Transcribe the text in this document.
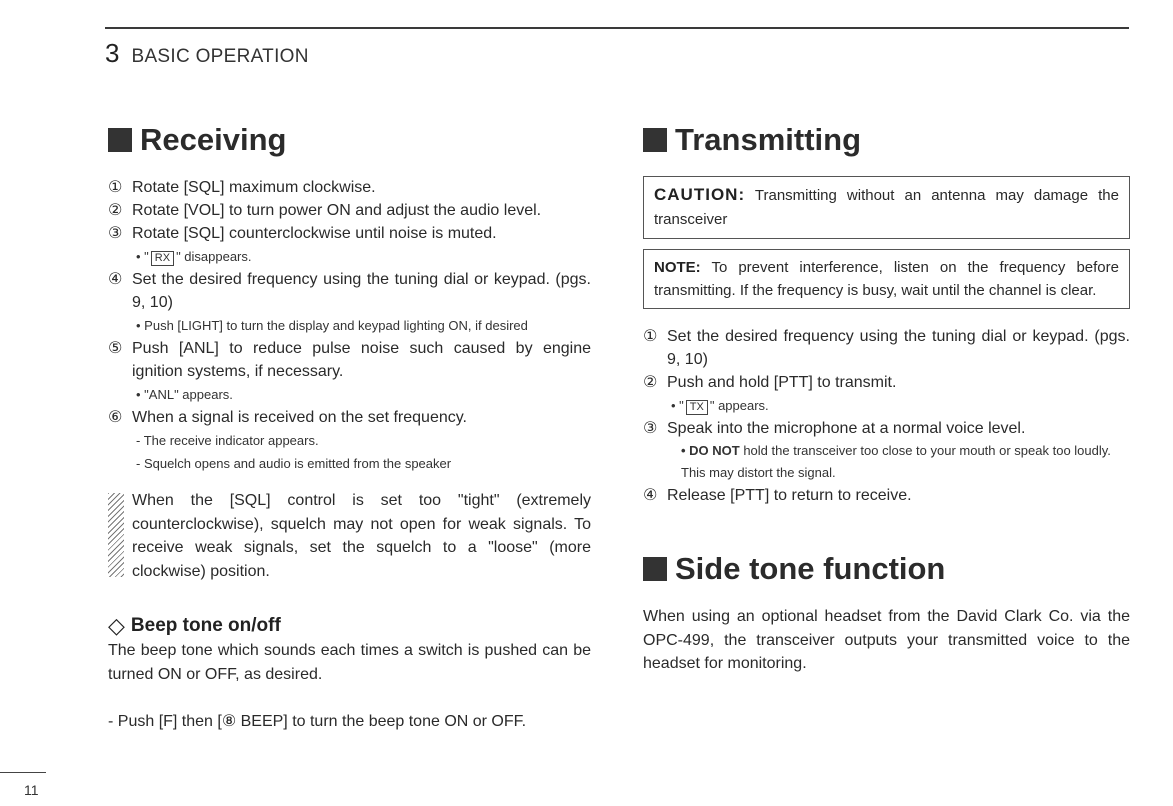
3 BASIC OPERATION
Receiving
① Rotate [SQL] maximum clockwise.
② Rotate [VOL] to turn power ON and adjust the audio level.
③ Rotate [SQL] counterclockwise until noise is muted.
• " RX " disappears.
④ Set the desired frequency using the tuning dial or keypad. (pgs. 9, 10)
• Push [LIGHT] to turn the display and keypad lighting ON, if desired
⑤ Push [ANL] to reduce pulse noise such caused by engine ignition systems, if necessary.
• "ANL" appears.
⑥ When a signal is received on the set frequency.
- The receive indicator appears.
- Squelch opens and audio is emitted from the speaker
When the [SQL] control is set too "tight" (extremely counterclockwise), squelch may not open for weak signals. To receive weak signals, set the squelch to a "loose" (more clockwise) position.
◇ Beep tone on/off
The beep tone which sounds each times a switch is pushed can be turned ON or OFF, as desired.
- Push [F] then [⑧ BEEP] to turn the beep tone ON or OFF.
Transmitting
CAUTION: Transmitting without an antenna may damage the transceiver
NOTE: To prevent interference, listen on the frequency before transmitting. If the frequency is busy, wait until the channel is clear.
① Set the desired frequency using the tuning dial or keypad. (pgs. 9, 10)
② Push and hold [PTT] to transmit.
• " TX " appears.
③ Speak into the microphone at a normal voice level.
• DO NOT hold the transceiver too close to your mouth or speak too loudly. This may distort the signal.
④ Release [PTT] to return to receive.
Side tone function
When using an optional headset from the David Clark Co. via the OPC-499, the transceiver outputs your transmitted voice to the headset for monitoring.
11
